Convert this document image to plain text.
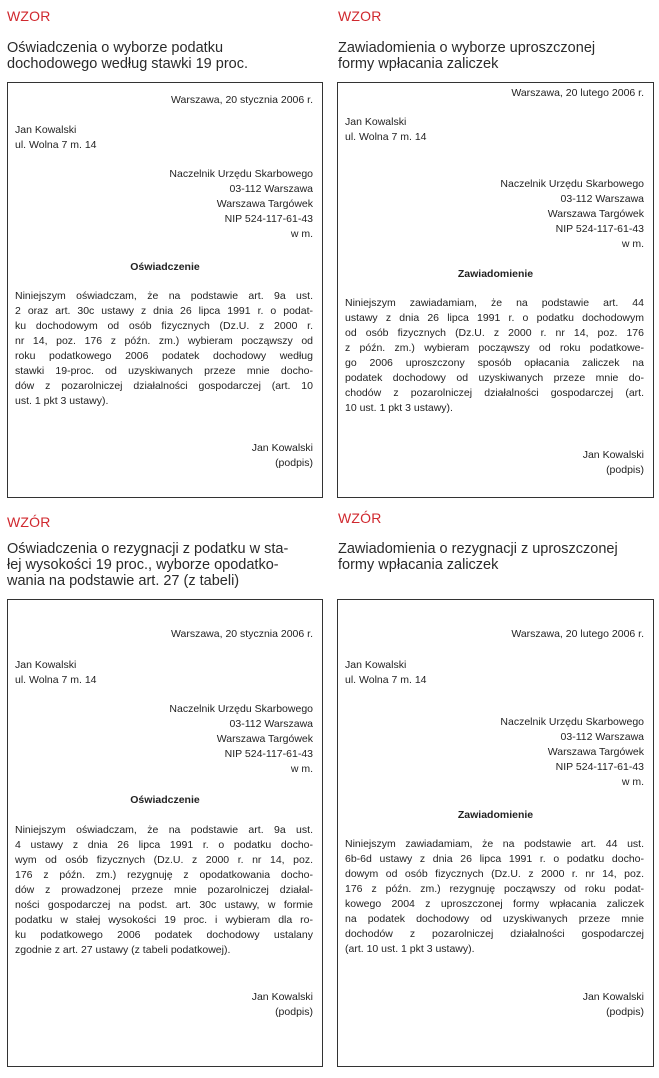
WZOR
Oświadczenia o wyborze podatku
dochodowego według stawki 19 proc.
Warszawa, 20 stycznia 2006 r.
Jan Kowalski
ul. Wolna 7 m. 14
Naczelnik Urzędu Skarbowego
03-112 Warszawa
Warszawa Targówek
NIP 524-117-61-43
w m.
Oświadczenie
Niniejszym oświadczam, że na podstawie art. 9a ust.
2 oraz art. 30c ustawy z dnia 26 lipca 1991 r. o podat-
ku dochodowym od osób fizycznych (Dz.U. z 2000 r.
nr 14, poz. 176 z późn. zm.) wybieram począwszy od
roku podatkowego 2006 podatek dochodowy według
stawki 19-proc. od uzyskiwanych przeze mnie docho-
dów z pozarolniczej działalności gospodarczej (art. 10
ust. 1 pkt 3 ustawy).
Jan Kowalski
(podpis)
WZOR
Zawiadomienia o wyborze uproszczonej
formy wpłacania zaliczek
Warszawa, 20 lutego 2006 r.
Jan Kowalski
ul. Wolna 7 m. 14
Naczelnik Urzędu Skarbowego
03-112 Warszawa
Warszawa Targówek
NIP 524-117-61-43
w m.
Zawiadomienie
Niniejszym zawiadamiam, że na podstawie art. 44
ustawy z dnia 26 lipca 1991 r. o podatku dochodowym
od osób fizycznych (Dz.U. z 2000 r. nr 14, poz. 176
z późn. zm.) wybieram począwszy od roku podatkowe-
go 2006 uproszczony sposób opłacania zaliczek na
podatek dochodowy od uzyskiwanych przeze mnie do-
chodów z pozarolniczej działalności gospodarczej (art.
10 ust. 1 pkt 3 ustawy).
Jan Kowalski
(podpis)
WZÓR
Oświadczenia o rezygnacji z podatku w sta-
łej wysokości 19 proc., wyborze opodatko-
wania na podstawie art. 27 (z tabeli)
Warszawa, 20 stycznia 2006 r.
Jan Kowalski
ul. Wolna 7 m. 14
Naczelnik Urzędu Skarbowego
03-112 Warszawa
Warszawa Targówek
NIP 524-117-61-43
w m.
Oświadczenie
Niniejszym oświadczam, że na podstawie art. 9a ust.
4 ustawy z dnia 26 lipca 1991 r. o podatku docho-
wym od osób fizycznych (Dz.U. z 2000 r. nr 14, poz.
176 z późn. zm.) rezygnuję z opodatkowania docho-
dów z prowadzonej przeze mnie pozarolniczej działal-
ności gospodarczej na podst. art. 30c ustawy, w formie
podatku w stałej wysokości 19 proc. i wybieram dla ro-
ku podatkowego 2006 podatek dochodowy ustalany
zgodnie z art. 27 ustawy (z tabeli podatkowej).
Jan Kowalski
(podpis)
WZÓR
Zawiadomienia o rezygnacji z uproszczonej
formy wpłacania zaliczek
Warszawa, 20 lutego 2006 r.
Jan Kowalski
ul. Wolna 7 m. 14
Naczelnik Urzędu Skarbowego
03-112 Warszawa
Warszawa Targówek
NIP 524-117-61-43
w m.
Zawiadomienie
Niniejszym zawiadamiam, że na podstawie art. 44 ust.
6b-6d ustawy z dnia 26 lipca 1991 r. o podatku docho-
dowym od osób fizycznych (Dz.U. z 2000 r. nr 14, poz.
176 z późn. zm.) rezygnuję począwszy od roku podat-
kowego 2004 z uproszczonej formy wpłacania zaliczek
na podatek dochodowy od uzyskiwanych przeze mnie
dochodów z pozarolniczej działalności gospodarczej
(art. 10 ust. 1 pkt 3 ustawy).
Jan Kowalski
(podpis)
